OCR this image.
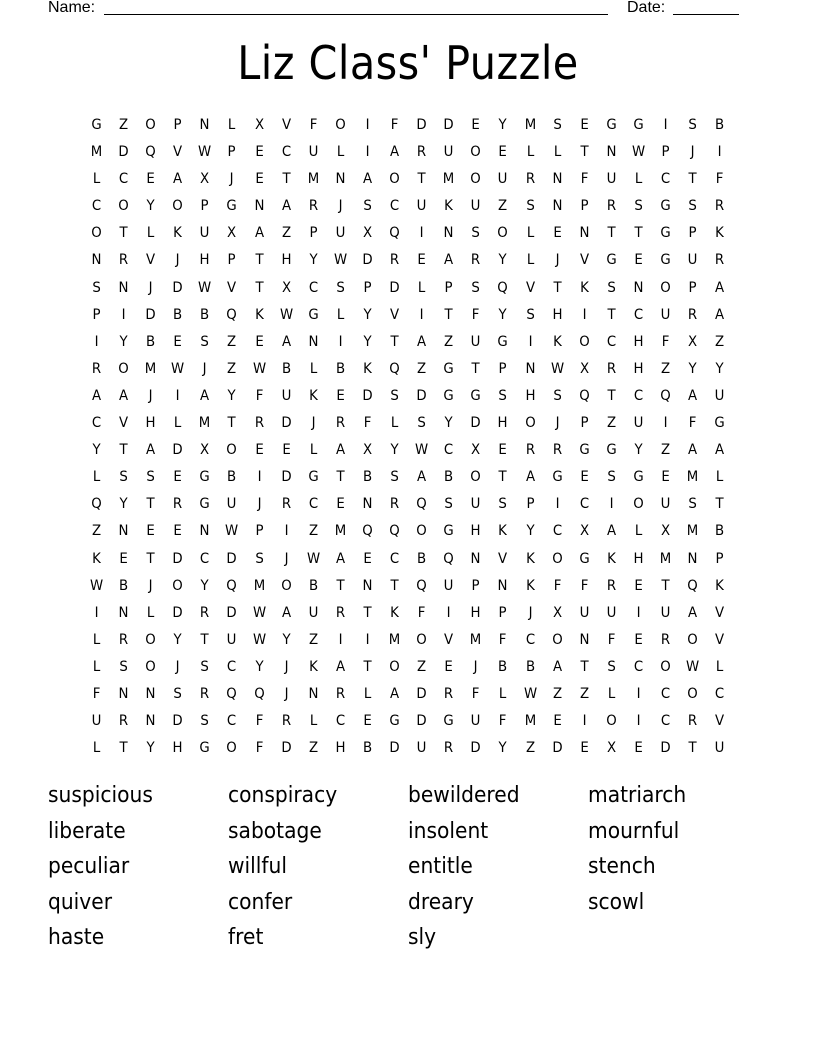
Name:	Date:
Liz Class' Puzzle
G	Z	O	P	N	L	X	V	F	O	I	F	D	D	E	Y	M	S	E	G	G	I	S	B
M	D	Q	V	W	P	E	C	U	L	I	A	R	U	O	E	L	L	T	N	W	P	J	I
L	C	E	A	X	J	E	T	M	N	A	O	T	M	O	U	R	N	F	U	L	C	T	F
C	O	Y	O	P	G	N	A	R	J	S	C	U	K	U	Z	S	N	P	R	S	G	S	R
O	T	L	K	U	X	A	Z	P	U	X	Q	I	N	S	O	L	E	N	T	T	G	P	K
N	R	V	J	H	P	T	H	Y	W	D	R	E	A	R	Y	L	J	V	G	E	G	U	R
S	N	J	D	W	V	T	X	C	S	P	D	L	P	S	Q	V	T	K	S	N	O	P	A
P	I	D	B	B	Q	K	W	G	L	Y	V	I	T	F	Y	S	H	I	T	C	U	R	A
I	Y	B	E	S	Z	E	A	N	I	Y	T	A	Z	U	G	I	K	O	C	H	F	X	Z
R	O	M	W	J	Z	W	B	L	B	K	Q	Z	G	T	P	N	W	X	R	H	Z	Y	Y
A	A	J	I	A	Y	F	U	K	E	D	S	D	G	G	S	H	S	Q	T	C	Q	A	U
C	V	H	L	M	T	R	D	J	R	F	L	S	Y	D	H	O	J	P	Z	U	I	F	G
Y	T	A	D	X	O	E	E	L	A	X	Y	W	C	X	E	R	R	G	G	Y	Z	A	A
L	S	S	E	G	B	I	D	G	T	B	S	A	B	O	T	A	G	E	S	G	E	M	L
Q	Y	T	R	G	U	J	R	C	E	N	R	Q	S	U	S	P	I	C	I	O	U	S	T
Z	N	E	E	N	W	P	I	Z	M	Q	Q	O	G	H	K	Y	C	X	A	L	X	M	B
K	E	T	D	C	D	S	J	W	A	E	C	B	Q	N	V	K	O	G	K	H	M	N	P
W	B	J	O	Y	Q	M	O	B	T	N	T	Q	U	P	N	K	F	F	R	E	T	Q	K
I	N	L	D	R	D	W	A	U	R	T	K	F	I	H	P	J	X	U	U	I	U	A	V
L	R	O	Y	T	U	W	Y	Z	I	I	M	O	V	M	F	C	O	N	F	E	R	O	V
L	S	O	J	S	C	Y	J	K	A	T	O	Z	E	J	B	B	A	T	S	C	O	W	L
F	N	N	S	R	Q	Q	J	N	R	L	A	D	R	F	L	W	Z	Z	L	I	C	O	C
U	R	N	D	S	C	F	R	L	C	E	G	D	G	U	F	M	E	I	O	I	C	R	V
L	T	Y	H	G	O	F	D	Z	H	B	D	U	R	D	Y	Z	D	E	X	E	D	T	U
suspicious	conspiracy	bewildered	matriarch
liberate	sabotage	insolent	mournful
peculiar	willful	entitle	stench
quiver	confer	dreary	scowl
haste	fret	sly
